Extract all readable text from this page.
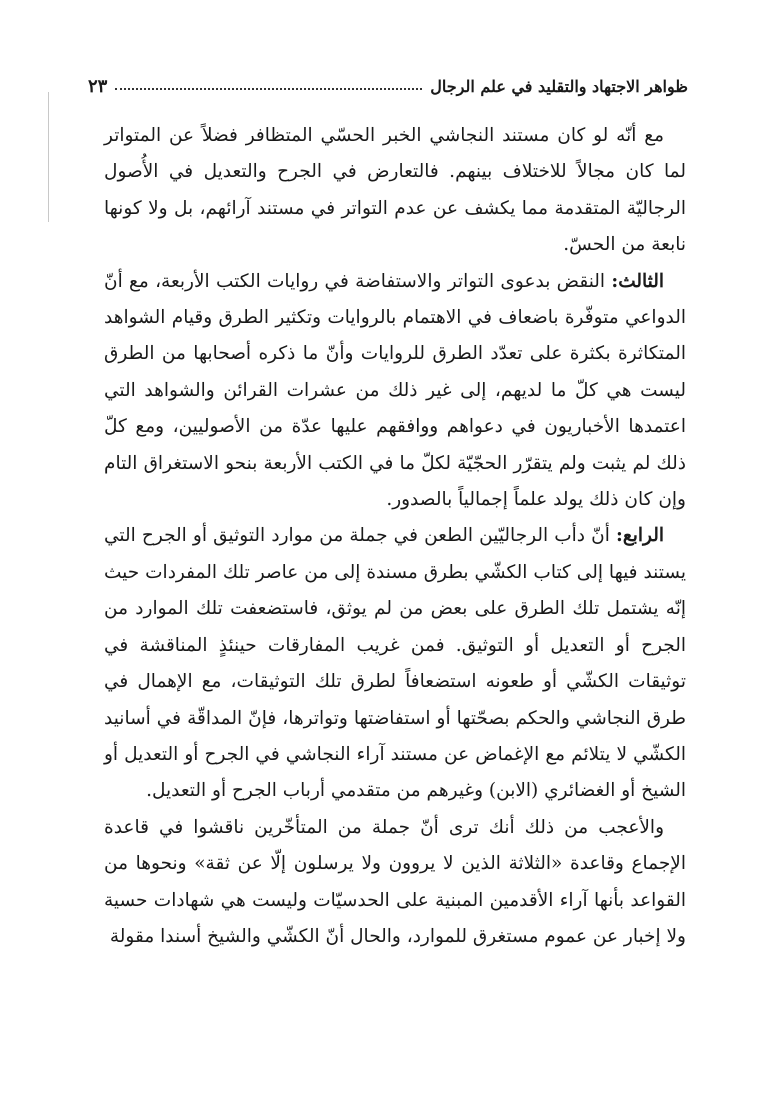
ظواهر الاجتهاد والتقليد في علم الرجال
٢٣

مع أنّه لو كان مستند النجاشي الخبر الحسّي المتظافر فضلاً عن المتواتر لما كان مجالاً للاختلاف بينهم. فالتعارض في الجرح والتعديل في الأُصول الرجاليّة المتقدمة مما يكشف عن عدم التواتر في مستند آرائهم، بل ولا كونها نابعة من الحسّ.

الثالث: النقض بدعوى التواتر والاستفاضة في روايات الكتب الأربعة، مع أنّ الدواعي متوفّرة باضعاف في الاهتمام بالروايات وتكثير الطرق وقيام الشواهد المتكاثرة بكثرة على تعدّد الطرق للروايات وأنّ ما ذكره أصحابها من الطرق ليست هي كلّ ما لديهم، إلى غير ذلك من عشرات القرائن والشواهد التي اعتمدها الأخباريون في دعواهم ووافقهم عليها عدّة من الأصوليين، ومع كلّ ذلك لم يثبت ولم يتقرّر الحجّيّة لكلّ ما في الكتب الأربعة بنحو الاستغراق التام وإن كان ذلك يولد علماً إجمالياً بالصدور.

الرابع: أنّ دأب الرجاليّين الطعن في جملة من موارد التوثيق أو الجرح التي يستند فيها إلى كتاب الكشّي بطرق مسندة إلى من عاصر تلك المفردات حيث إنّه يشتمل تلك الطرق على بعض من لم يوثق، فاستضعفت تلك الموارد من الجرح أو التعديل أو التوثيق. فمن غريب المفارقات حينئذٍ المناقشة في توثيقات الكشّي أو طعونه استضعافاً لطرق تلك التوثيقات، مع الإهمال في طرق النجاشي والحكم بصحّتها أو استفاضتها وتواترها، فإنّ المداقّة في أسانيد الكشّي لا يتلائم مع الإغماض عن مستند آراء النجاشي في الجرح أو التعديل أو الشيخ أو الغضائري (الابن) وغيرهم من متقدمي أرباب الجرح أو التعديل.

والأعجب من ذلك أنك ترى أنّ جملة من المتأخّرين ناقشوا في قاعدة الإجماع وقاعدة «الثلاثة الذين لا يروون ولا يرسلون إلّا عن ثقة» ونحوها من القواعد بأنها آراء الأقدمين المبنية على الحدسيّات وليست هي شهادات حسية ولا إخبار عن عموم مستغرق للموارد، والحال أنّ الكشّي والشيخ أسندا مقولة
